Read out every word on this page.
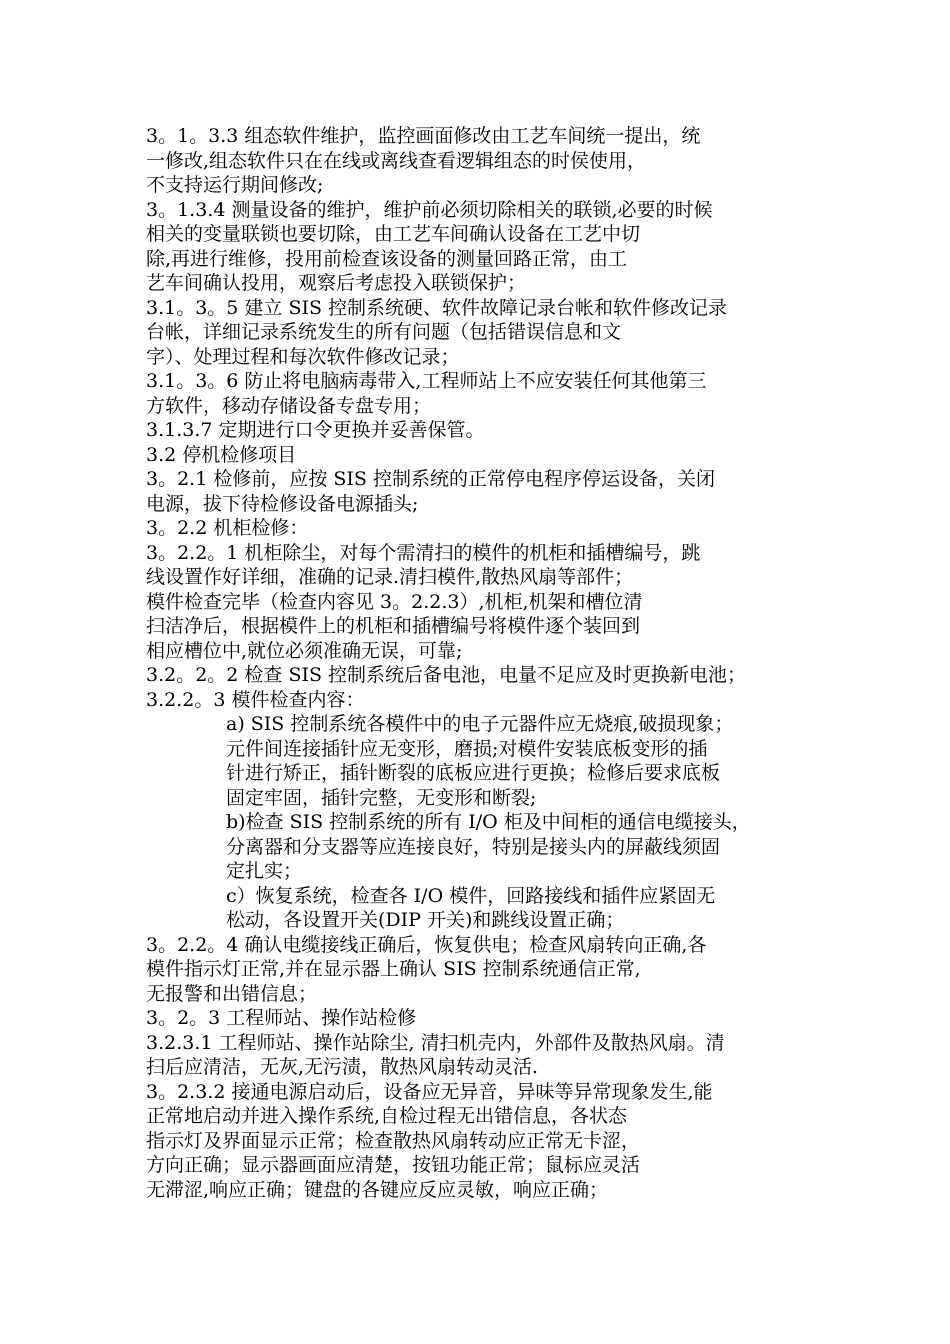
3。1。3.3 组态软件维护，监控画面修改由工艺车间统一提出，统
一修改,组态软件只在在线或离线查看逻辑组态的时侯使用，
不支持运行期间修改;
3。1.3.4 测量设备的维护，维护前必须切除相关的联锁,必要的时候
相关的变量联锁也要切除，由工艺车间确认设备在工艺中切
除,再进行维修，投用前检查该设备的测量回路正常，由工
艺车间确认投用，观察后考虑投入联锁保护；
3.1。3。5 建立 SIS 控制系统硬、软件故障记录台帐和软件修改记录
台帐，详细记录系统发生的所有问题（包括错误信息和文
字）、处理过程和每次软件修改记录；
3.1。3。6 防止将电脑病毒带入,工程师站上不应安装任何其他第三
方软件，移动存储设备专盘专用；
3.1.3.7 定期进行口令更换并妥善保管。
3.2 停机检修项目
3。2.1 检修前，应按 SIS 控制系统的正常停电程序停运设备，关闭
电源，拔下待检修设备电源插头;
3。2.2 机柜检修：
3。2.2。1 机柜除尘，对每个需清扫的模件的机柜和插槽编号，跳
线设置作好详细，准确的记录.清扫模件,散热风扇等部件；
模件检查完毕（检查内容见 3。2.2.3）,机柜,机架和槽位清
扫洁净后，根据模件上的机柜和插槽编号将模件逐个装回到
相应槽位中,就位必须准确无误，可靠;
3.2。2。2 检查 SIS 控制系统后备电池，电量不足应及时更换新电池；
3.2.2。3 模件检查内容：
a) SIS 控制系统各模件中的电子元器件应无烧痕,破损现象；
元件间连接插针应无变形，磨损;对模件安装底板变形的插
针进行矫正，插针断裂的底板应进行更换；检修后要求底板
固定牢固，插针完整，无变形和断裂;
b)检查 SIS 控制系统的所有 I/O 柜及中间柜的通信电缆接头，
分离器和分支器等应连接良好，特别是接头内的屏蔽线须固
定扎实；
c）恢复系统，检查各 I/O 模件，回路接线和插件应紧固无
松动，各设置开关(DIP 开关)和跳线设置正确；
3。2.2。4 确认电缆接线正确后，恢复供电；检查风扇转向正确,各
模件指示灯正常,并在显示器上确认 SIS 控制系统通信正常,
无报警和出错信息；
3。2。3 工程师站、操作站检修
3.2.3.1 工程师站、操作站除尘, 清扫机壳内，外部件及散热风扇。清
扫后应清洁，无灰,无污渍，散热风扇转动灵活.
3。2.3.2 接通电源启动后，设备应无异音，异味等异常现象发生,能
正常地启动并进入操作系统,自检过程无出错信息，各状态
指示灯及界面显示正常；检查散热风扇转动应正常无卡涩，
方向正确；显示器画面应清楚，按钮功能正常；鼠标应灵活
无滞涩,响应正确；键盘的各键应反应灵敏，响应正确；
